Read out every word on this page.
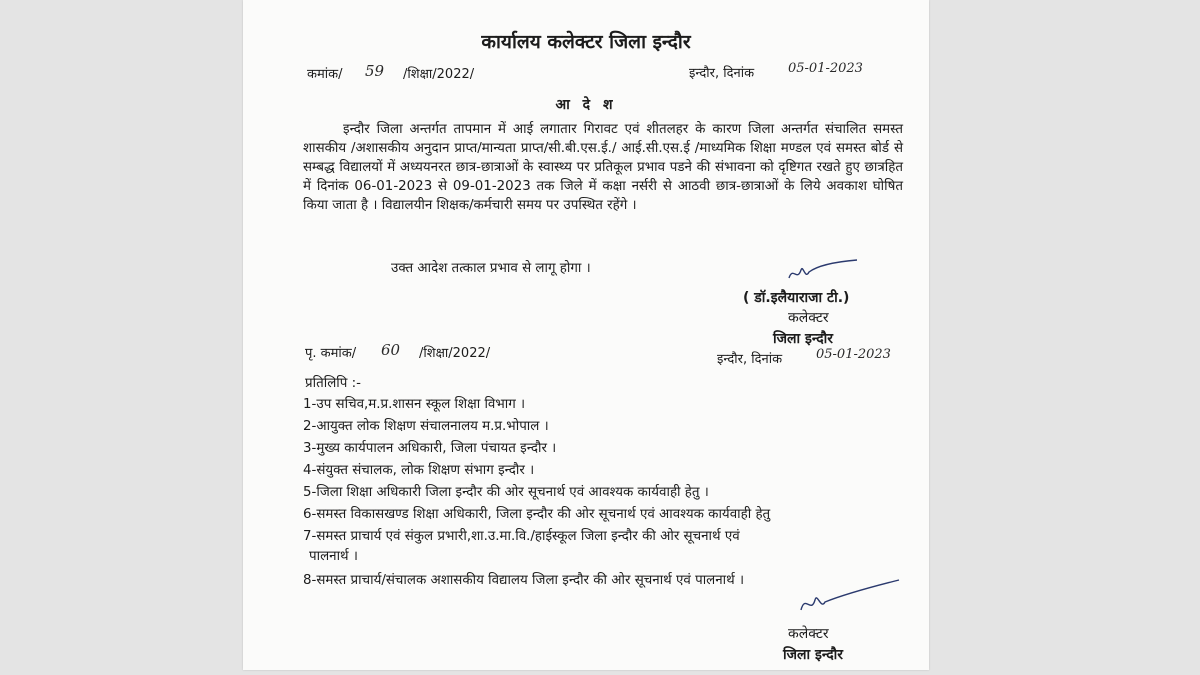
कार्यालय कलेक्टर जिला इन्दौर
कमांक/ 59 /शिक्षा/2022/	इन्दौर, दिनांक	05-01-2023
आ दे श
इन्दौर जिला अन्तर्गत तापमान में आई लगातार गिरावट एवं शीतलहर के कारण जिला अन्तर्गत संचालित समस्त शासकीय /अशासकीय अनुदान प्राप्त/मान्यता प्राप्त/सी.बी.एस.ई./ आई.सी.एस.ई /माध्यमिक शिक्षा मण्डल एवं समस्त बोर्ड से सम्बद्ध विद्यालयों में अध्ययनरत छात्र-छात्राओं के स्वास्थ्य पर प्रतिकूल प्रभाव पडने की संभावना को दृष्टिगत रखते हुए छात्रहित में दिनांक 06-01-2023 से 09-01-2023 तक जिले में कक्षा नर्सरी से आठवी छात्र-छात्राओं के लिये अवकाश घोषित किया जाता है । विद्यालयीन शिक्षक/कर्मचारी समय पर उपस्थित रहेंगे ।
उक्त आदेश तत्काल प्रभाव से लागू होगा ।
( डॉ.इलैयाराजा टी.)
कलेक्टर
जिला इन्दौर
इन्दौर, दिनांक	05-01-2023
पृ. कमांक/ 60 /शिक्षा/2022/
प्रतिलिपि :-
1-उप सचिव,म.प्र.शासन स्कूल शिक्षा विभाग ।
2-आयुक्त लोक शिक्षण संचालनालय म.प्र.भोपाल ।
3-मुख्य कार्यपालन अधिकारी, जिला पंचायत इन्दौर ।
4-संयुक्त संचालक, लोक शिक्षण संभाग इन्दौर ।
5-जिला शिक्षा अधिकारी जिला इन्दौर की ओर सूचनार्थ एवं आवश्यक कार्यवाही हेतु ।
6-समस्त विकासखण्ड शिक्षा अधिकारी, जिला इन्दौर की ओर सूचनार्थ एवं आवश्यक कार्यवाही हेतु
7-समस्त प्राचार्य एवं संकुल प्रभारी,शा.उ.मा.वि./हाईस्कूल जिला इन्दौर की ओर सूचनार्थ एवं
पालनार्थ ।
8-समस्त प्राचार्य/संचालक अशासकीय विद्यालय जिला इन्दौर की ओर सूचनार्थ एवं पालनार्थ ।
कलेक्टर
जिला इन्दौर
